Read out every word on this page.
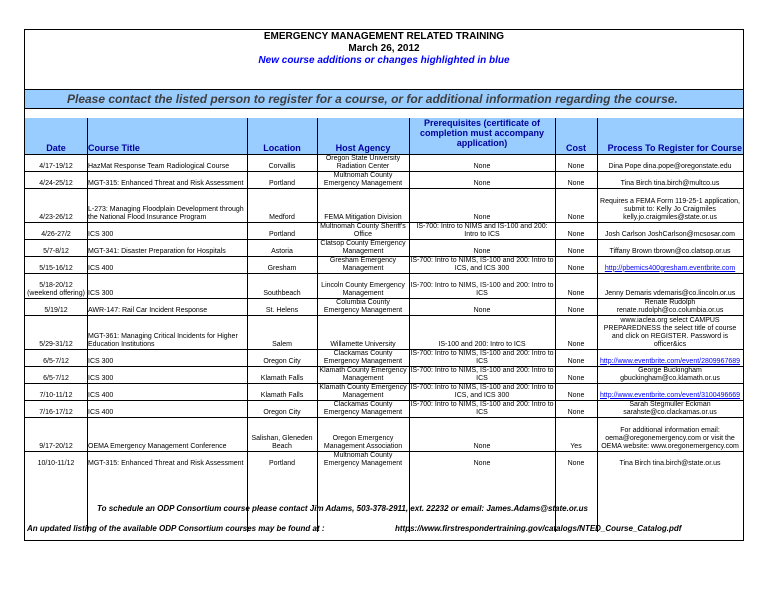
EMERGENCY MANAGEMENT RELATED TRAINING
March 26, 2012
New course additions or changes highlighted in blue
Please contact the listed person to register for a course, or for additional information regarding the course.
Date	Course Title	Location	Host Agency	Prerequisites (certificate of completion must accompany application)	Cost	Process To Register for Course
4/17-19/12	HazMat Response Team Radiological Course	Corvallis	Oregon State University Radiation Center	None	None	Dina Pope dina.pope@oregonstate.edu
4/24-25/12	MGT-315: Enhanced Threat and Risk Assessment	Portland	Multnomah County Emergency Management	None	None	Tina Birch tina.birch@multco.us
4/23-26/12	L-273: Managing Floodplain Development through the National Flood Insurance Program	Medford	FEMA Mitigation Division	None	None	Requires a FEMA Form 119-25-1 application, submit to: Kelly Jo Craigmiles kelly.jo.craigmiles@state.or.us
4/26-27/2	ICS 300	Portland	Multnomah County Sheriff's Office	IS-700: Intro to NIMS and IS-100 and 200: Intro to ICS	None	Josh Carlson JoshCarlson@mcsosar.com
5/7-8/12	MGT-341: Disaster Preparation for Hospitals	Astoria	Clatsop County Emergency Management	None	None	Tiffany Brown tbrown@co.clatsop.or.us
5/15-16/12	ICS 400	Gresham	Gresham Emergency Management	IS-700: Intro to NIMS, IS-100 and 200: Intro to ICS, and ICS 300	None	http://pbemics400gresham.eventbrite.com
5/18-20/12 (weekend offering)	ICS 300	Southbeach	Lincoln County Emergency Management	IS-700: Intro to NIMS, IS-100 and 200: Intro to ICS	None	Jenny Demaris vdemaris@co.lincoln.or.us
5/19/12	AWR-147: Rail Car Incident Response	St. Helens	Columbia County Emergency Management	None	None	Renate Rudolph renate.rudolph@co.columbia.or.us
5/29-31/12	MGT-361: Managing Critical Incidents for Higher Education Institutions	Salem	Willamette University	IS-100 and 200: Intro to ICS	None	www.iaclea.org select CAMPUS PREPAREDNESS the select title of course and click on REGISTER. Password is officer&ics
6/5-7/12	ICS 300	Oregon City	Clackamas County Emergency Management	IS-700: Intro to NIMS, IS-100 and 200: Intro to ICS	None	http://www.eventbrite.com/event/2809967689
6/5-7/12	ICS 300	Klamath Falls	Klamath County Emergency Management	IS-700: Intro to NIMS, IS-100 and 200: Intro to ICS	None	George Buckingham gbuckingham@co.klamath.or.us
7/10-11/12	ICS 400	Klamath Falls	Klamath County Emergency Management	IS-700: Intro to NIMS, IS-100 and 200: Intro to ICS, and ICS 300	None	http://www.eventbrite.com/event/3100496669
7/16-17/12	ICS 400	Oregon City	Clackamas County Emergency Management	IS-700: Intro to NIMS, IS-100 and 200: Intro to ICS	None	Sarah Stegmuller Eckman sarahste@co.clackamas.or.us
9/17-20/12	OEMA Emergency Management Conference	Salishan, Gleneden Beach	Oregon Emergency Management Association	None	Yes	For additional information email: oema@oregonemergency.com or visit the OEMA website: www.oregonemergency.com
10/10-11/12	MGT-315: Enhanced Threat and Risk Assessment	Portland	Multnomah County Emergency Management	None	None	Tina Birch tina.birch@state.or.us
To schedule an ODP Consortium course please contact Jim Adams, 503-378-2911, ext. 22232 or email: James.Adams@state.or.us
An updated listing of the available ODP Consortium courses may be found at :	https://www.firstrespondertraining.gov/catalogs/NTED_Course_Catalog.pdf
